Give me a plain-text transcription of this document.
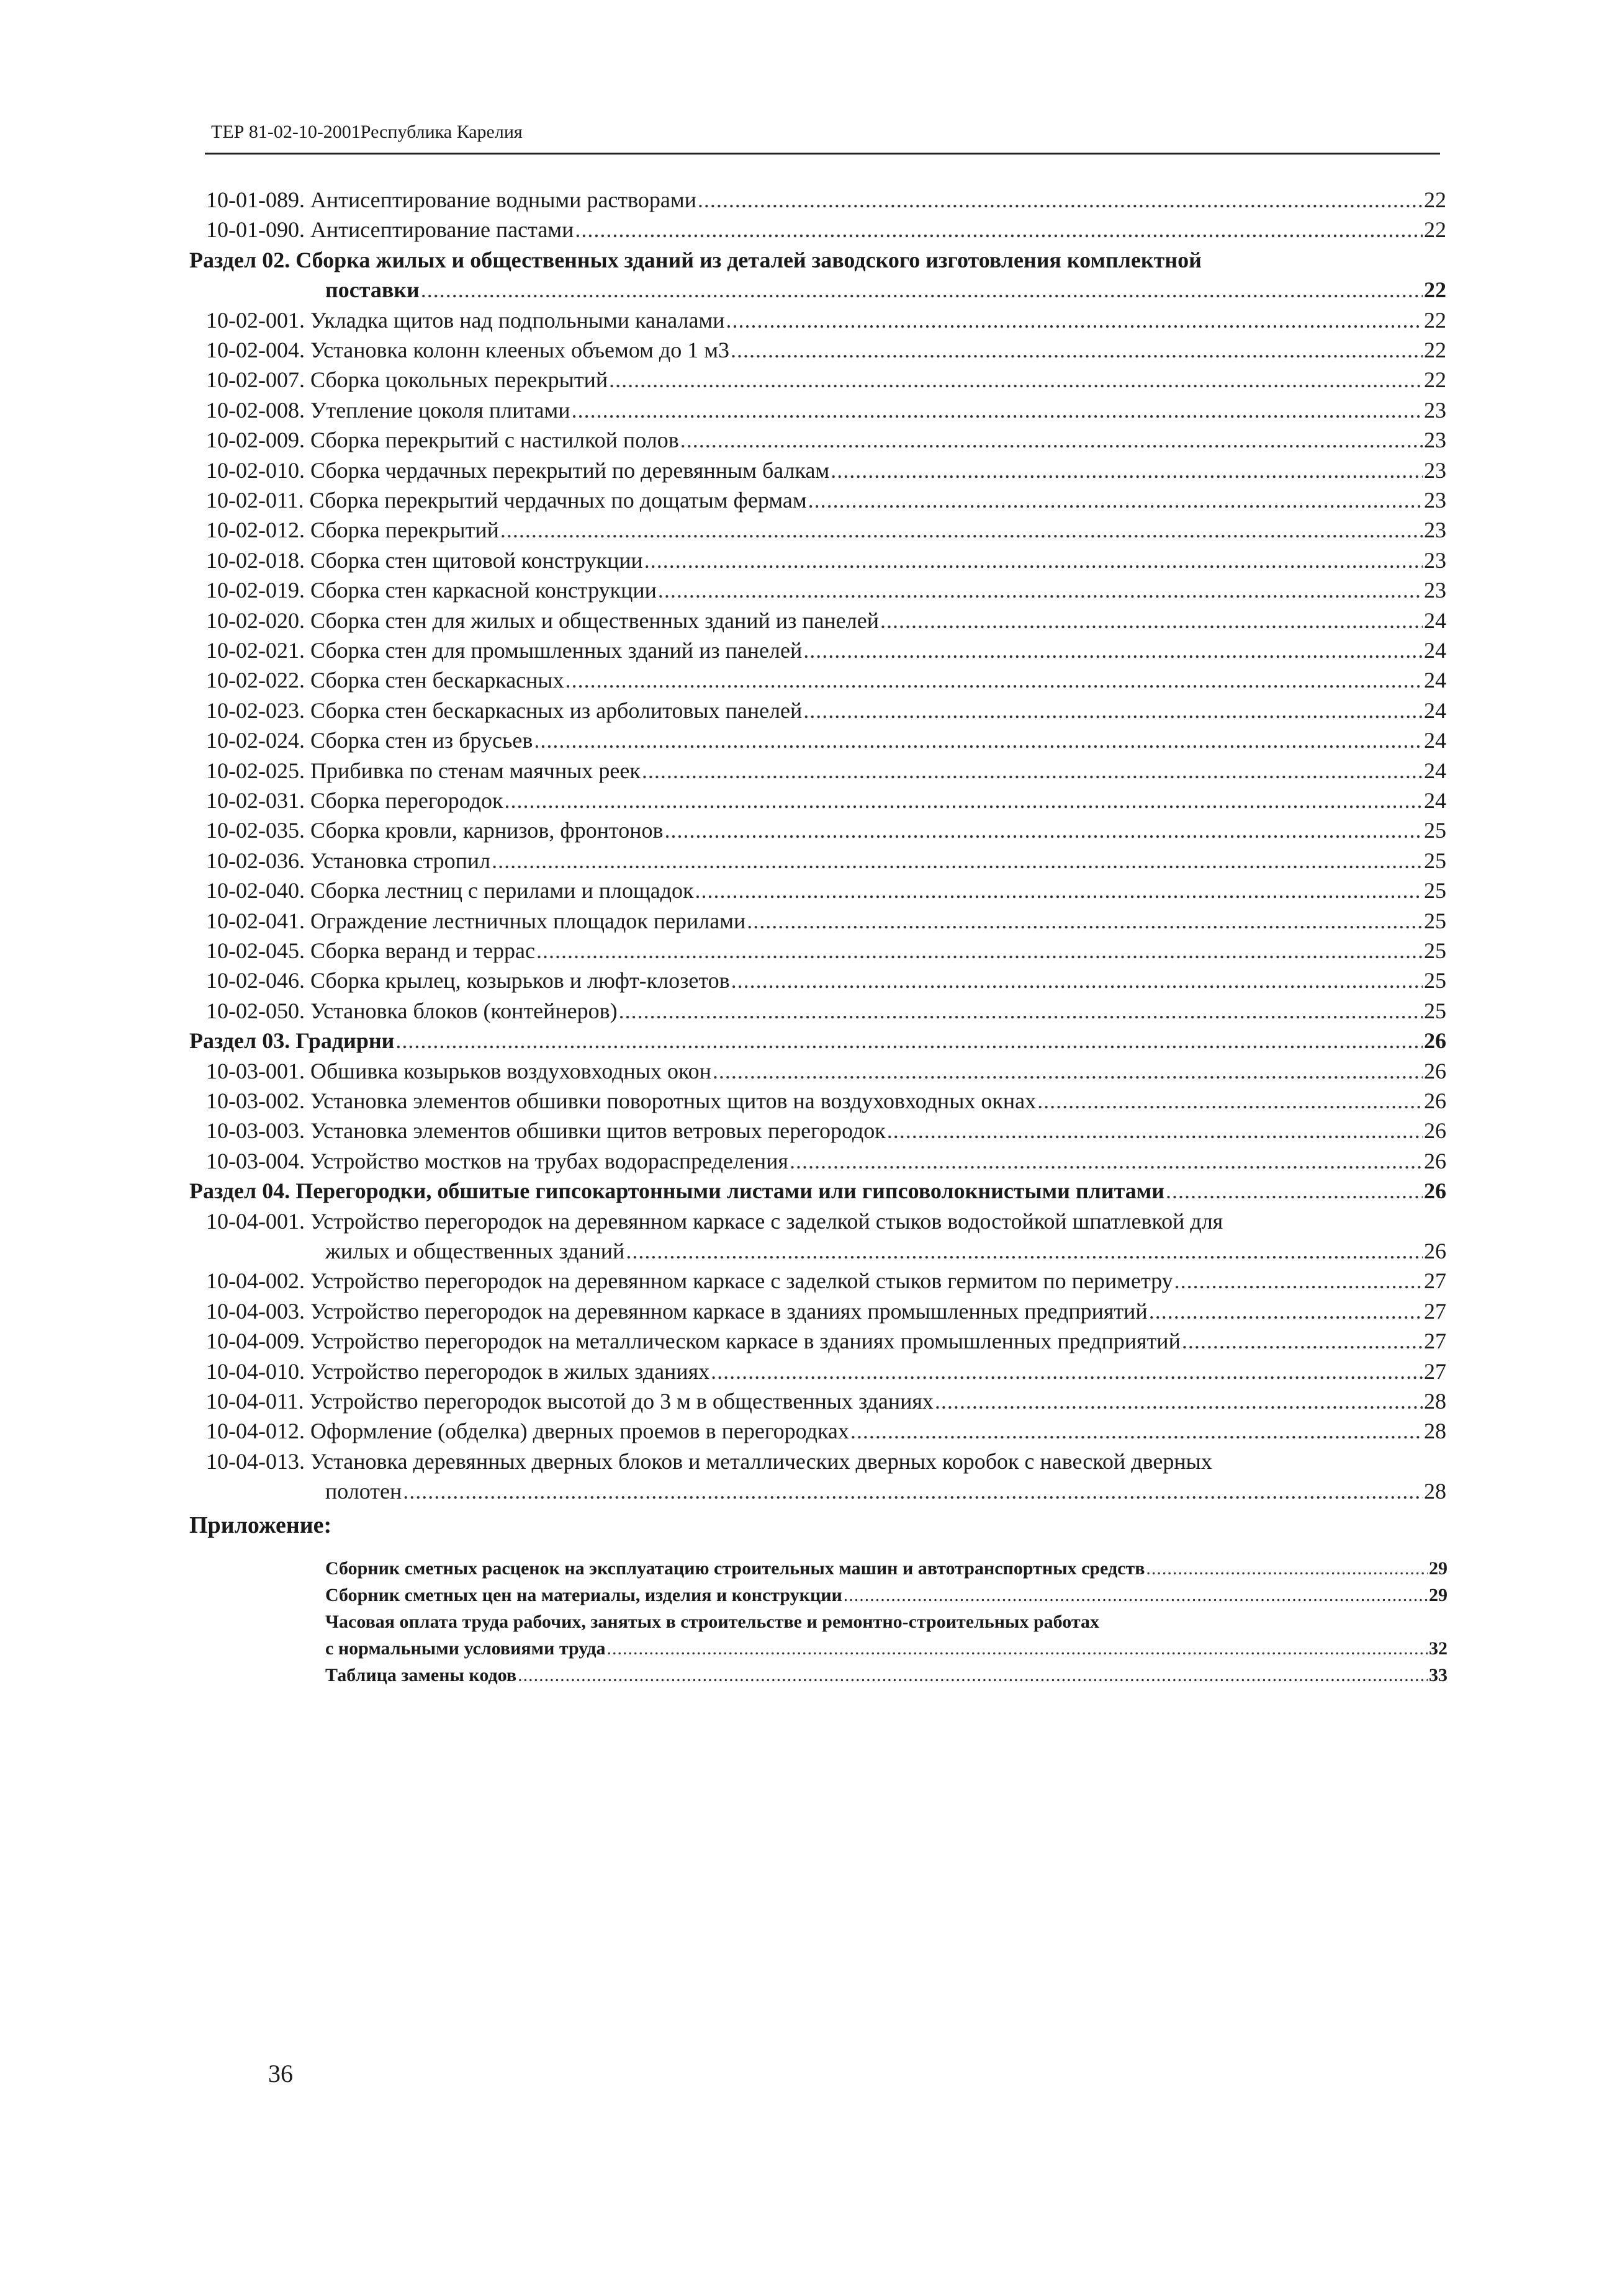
ТЕР 81-02-10-2001Республика Карелия
10-01-089. Антисептирование водными растворами .....	22
10-01-090. Антисептирование пастами .....	22
Раздел 02. Сборка жилых и общественных зданий из деталей заводского изготовления комплектной
поставки .....	22
10-02-001. Укладка щитов над подпольными каналами .....	22
10-02-004. Установка колонн клееных объемом до 1 м3 .....	22
10-02-007. Сборка цокольных перекрытий .....	22
10-02-008. Утепление цоколя плитами .....	23
10-02-009. Сборка перекрытий с настилкой полов .....	23
10-02-010. Сборка чердачных перекрытий по деревянным балкам .....	23
10-02-011. Сборка перекрытий чердачных по дощатым фермам .....	23
10-02-012. Сборка перекрытий .....	23
10-02-018. Сборка стен щитовой конструкции .....	23
10-02-019. Сборка стен каркасной конструкции .....	23
10-02-020. Сборка стен для жилых и общественных зданий из панелей .....	24
10-02-021. Сборка стен для промышленных зданий из панелей .....	24
10-02-022. Сборка стен бескаркасных .....	24
10-02-023. Сборка стен бескаркасных из арболитовых панелей .....	24
10-02-024. Сборка стен из брусьев .....	24
10-02-025. Прибивка по стенам маячных реек .....	24
10-02-031. Сборка перегородок .....	24
10-02-035. Сборка кровли, карнизов, фронтонов .....	25
10-02-036. Установка стропил .....	25
10-02-040. Сборка лестниц с перилами и площадок .....	25
10-02-041. Ограждение лестничных площадок перилами .....	25
10-02-045. Сборка веранд и террас .....	25
10-02-046. Сборка крылец, козырьков и люфт-клозетов .....	25
10-02-050. Установка блоков (контейнеров) .....	25
Раздел 03. Градирни .....	26
10-03-001. Обшивка козырьков воздуховходных окон .....	26
10-03-002. Установка элементов обшивки поворотных щитов на воздуховходных окнах .....	26
10-03-003. Установка элементов обшивки щитов ветровых перегородок .....	26
10-03-004. Устройство мостков на трубах водораспределения .....	26
Раздел 04. Перегородки, обшитые гипсокартонными листами или гипсоволокнистыми плитами .....	26
10-04-001. Устройство перегородок на деревянном каркасе с заделкой стыков водостойкой шпатлевкой для
жилых и общественных зданий .....	26
10-04-002. Устройство перегородок на деревянном каркасе с заделкой стыков гермитом по периметру .....	27
10-04-003. Устройство перегородок на деревянном каркасе в зданиях промышленных предприятий .....	27
10-04-009. Устройство перегородок на металлическом каркасе в зданиях промышленных предприятий .....	27
10-04-010. Устройство перегородок в жилых зданиях .....	27
10-04-011. Устройство перегородок высотой до 3 м в общественных зданиях .....	28
10-04-012. Оформление (обделка) дверных проемов в перегородках .....	28
10-04-013. Установка деревянных дверных блоков и металлических дверных коробок с навеской дверных
полотен .....	28
Приложение:
Сборник сметных расценок на эксплуатацию строительных машин и автотранспортных средств .....	29
Сборник сметных цен на материалы, изделия и конструкции .....	29
Часовая оплата труда рабочих, занятых в строительстве и ремонтно-строительных работах
с нормальными условиями труда .....	32
Таблица замены кодов .....	33
36
